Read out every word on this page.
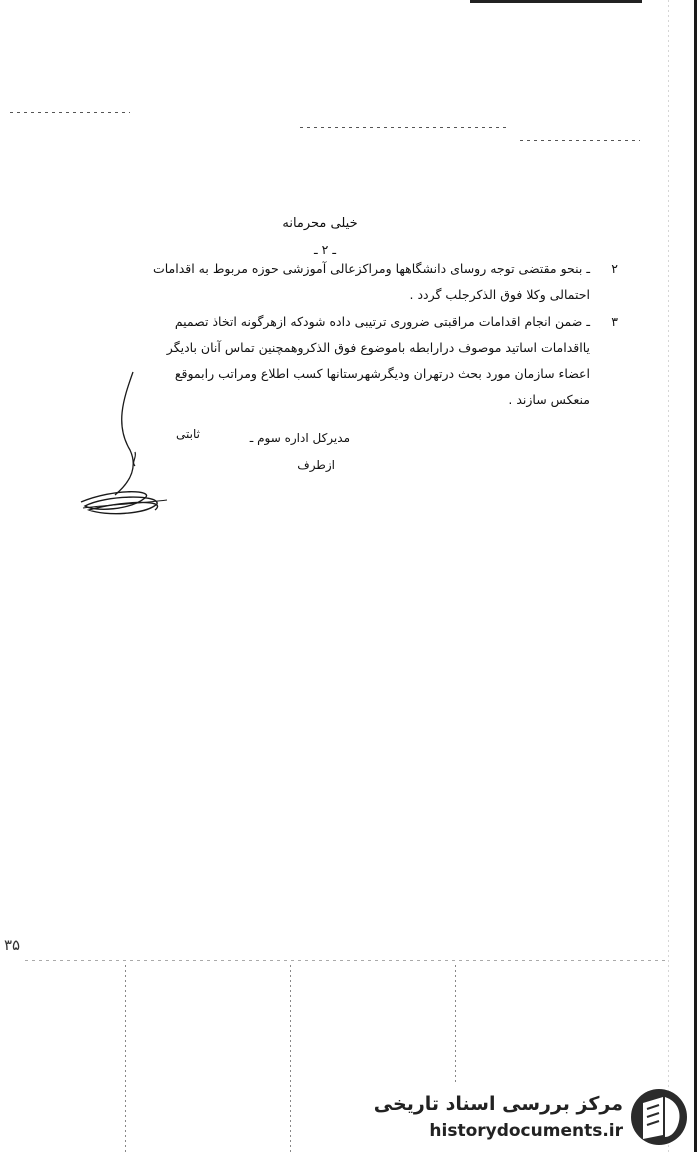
خیلی محرمانه
ـ ۲ ـ
۲
ـ بنحو مقتضی توجه روسای دانشگاهها ومراکزعالی آموزشی حوزه مربوط به اقدامات
احتمالی وکلا فوق الذکرجلب گردد .
۳
ـ ضمن انجام اقدامات مراقبتی ضروری ترتیبی داده شودکه ازهرگونه اتخاذ تصمیم
یااقدامات اساتید موصوف درارابطه باموضوع فوق الذکروهمچنین تماس آنان بادیگر
اعضاء سازمان مورد بحث درتهران ودیگرشهرستانها کسب اطلاع ومراتب رابموقع
منعکس سازند .
مدیرکل اداره سوم ـ
ثابتی
ازطرف
۳۵
مرکز بررسی اسناد تاریخی
historydocuments.ir
